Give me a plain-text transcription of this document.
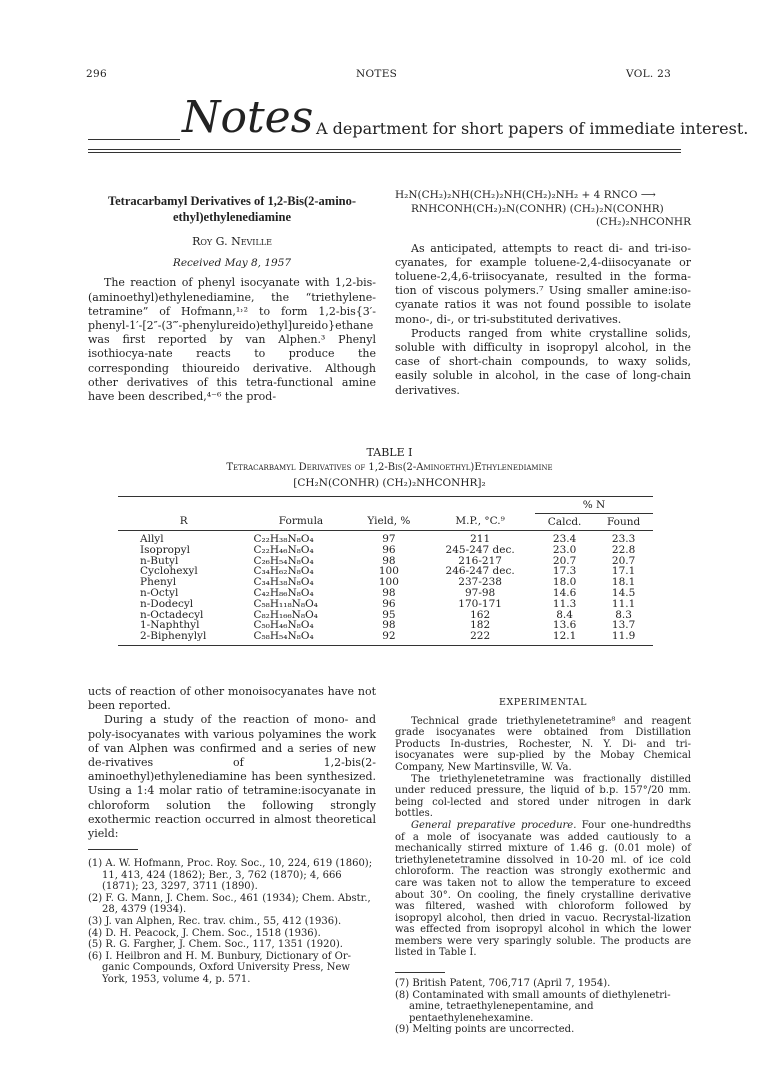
296	NOTES	VOL. 23
Notes A department for short papers of immediate interest.
Tetracarbamyl Derivatives of 1,2-Bis(2-amino-ethyl)ethylenediamine
Roy G. Neville
Received May 8, 1957

The reaction of phenyl isocyanate with 1,2-bis-(aminoethyl)ethylenediamine, the “triethylene-tetramine” of Hofmann,¹˒² to form 1,2-bis{3′-phenyl-1′-[2″-(3‴-phenylureido)ethyl]ureido}ethane was first reported by van Alphen.³ Phenyl isothiocya-nate reacts to produce the corresponding thioureido derivative. Although other derivatives of this tetra-functional amine have been described,⁴⁻⁶ the prod-

H₂N(CH₂)₂NH(CH₂)₂NH(CH₂)₂NH₂ + 4 RNCO ⟶
RNHCONH(CH₂)₂N(CONHR) (CH₂)₂N(CONHR)
(CH₂)₂NHCONHR

As anticipated, attempts to react di- and tri-iso-cyanates, for example toluene-2,4-diisocyanate or toluene-2,4,6-triisocyanate, resulted in the forma-tion of viscous polymers.⁷ Using smaller amine:iso-cyanate ratios it was not found possible to isolate mono-, di-, or tri-substituted derivatives.

Products ranged from white crystalline solids, soluble with difficulty in isopropyl alcohol, in the case of short-chain compounds, to waxy solids, easily soluble in alcohol, in the case of long-chain derivatives.

TABLE I
Tetracarbamyl Derivatives of 1,2-Bis(2-Aminoethyl)Ethylenediamine
[CH₂N(CONHR) (CH₂)₂NHCONHR]₂
				% N	
R	Formula	Yield, %	M.P., °C.⁹	Calcd.	Found
Allyl	C₂₂H₃₈N₈O₄	97	211	23.4	23.3
Isopropyl	C₂₂H₄₆N₈O₄	96	245-247 dec.	23.0	22.8
n-Butyl	C₂₆H₅₄N₈O₄	98	216-217	20.7	20.7
Cyclohexyl	C₃₄H₆₂N₈O₄	100	246-247 dec.	17.3	17.1
Phenyl	C₃₄H₃₈N₈O₄	100	237-238	18.0	18.1
n-Octyl	C₄₂H₈₆N₈O₄	98	97-98	14.6	14.5
n-Dodecyl	C₅₈H₁₁₈N₈O₄	96	170-171	11.3	11.1
n-Octadecyl	C₈₂H₁₆₆N₈O₄	95	162	8.4	8.3
1-Naphthyl	C₅₀H₄₆N₈O₄	98	182	13.6	13.7
2-Biphenylyl	C₅₈H₅₄N₈O₄	92	222	12.1	11.9

ucts of reaction of other monoisocyanates have not been reported.

During a study of the reaction of mono- and poly-isocyanates with various polyamines the work of van Alphen was confirmed and a series of new de-rivatives of 1,2-bis(2-aminoethyl)ethylenediamine has been synthesized. Using a 1:4 molar ratio of tetramine:isocyanate in chloroform solution the following strongly exothermic reaction occurred in almost theoretical yield:

(1) A. W. Hofmann, Proc. Roy. Soc., 10, 224, 619 (1860); 11, 413, 424 (1862); Ber., 3, 762 (1870); 4, 666 (1871); 23, 3297, 3711 (1890).

(2) F. G. Mann, J. Chem. Soc., 461 (1934); Chem. Abstr., 28, 4379 (1934).

(3) J. van Alphen, Rec. trav. chim., 55, 412 (1936).

(4) D. H. Peacock, J. Chem. Soc., 1518 (1936).

(5) R. G. Fargher, J. Chem. Soc., 117, 1351 (1920).

(6) I. Heilbron and H. M. Bunbury, Dictionary of Or-ganic Compounds, Oxford University Press, New York, 1953, volume 4, p. 571.

EXPERIMENTAL

Technical grade triethylenetetramine⁸ and reagent grade isocyanates were obtained from Distillation Products In-dustries, Rochester, N. Y. Di- and tri-isocyanates were sup-plied by the Mobay Chemical Company, New Martinsville, W. Va.

The triethylenetetramine was fractionally distilled under reduced pressure, the liquid of b.p. 157°/20 mm. being col-lected and stored under nitrogen in dark bottles.

General preparative procedure. Four one-hundredths of a mole of isocyanate was added cautiously to a mechanically stirred mixture of 1.46 g. (0.01 mole) of triethylenetetramine dissolved in 10-20 ml. of ice cold chloroform. The reaction was strongly exothermic and care was taken not to allow the temperature to exceed about 30°. On cooling, the finely crystalline derivative was filtered, washed with chloroform followed by isopropyl alcohol, then dried in vacuo. Recrystal-lization was effected from isopropyl alcohol in which the lower members were very sparingly soluble. The products are listed in Table I.

(7) British Patent, 706,717 (April 7, 1954).

(8) Contaminated with small amounts of diethylenetri-amine, tetraethylenepentamine, and pentaethylenehexamine.

(9) Melting points are uncorrected.
